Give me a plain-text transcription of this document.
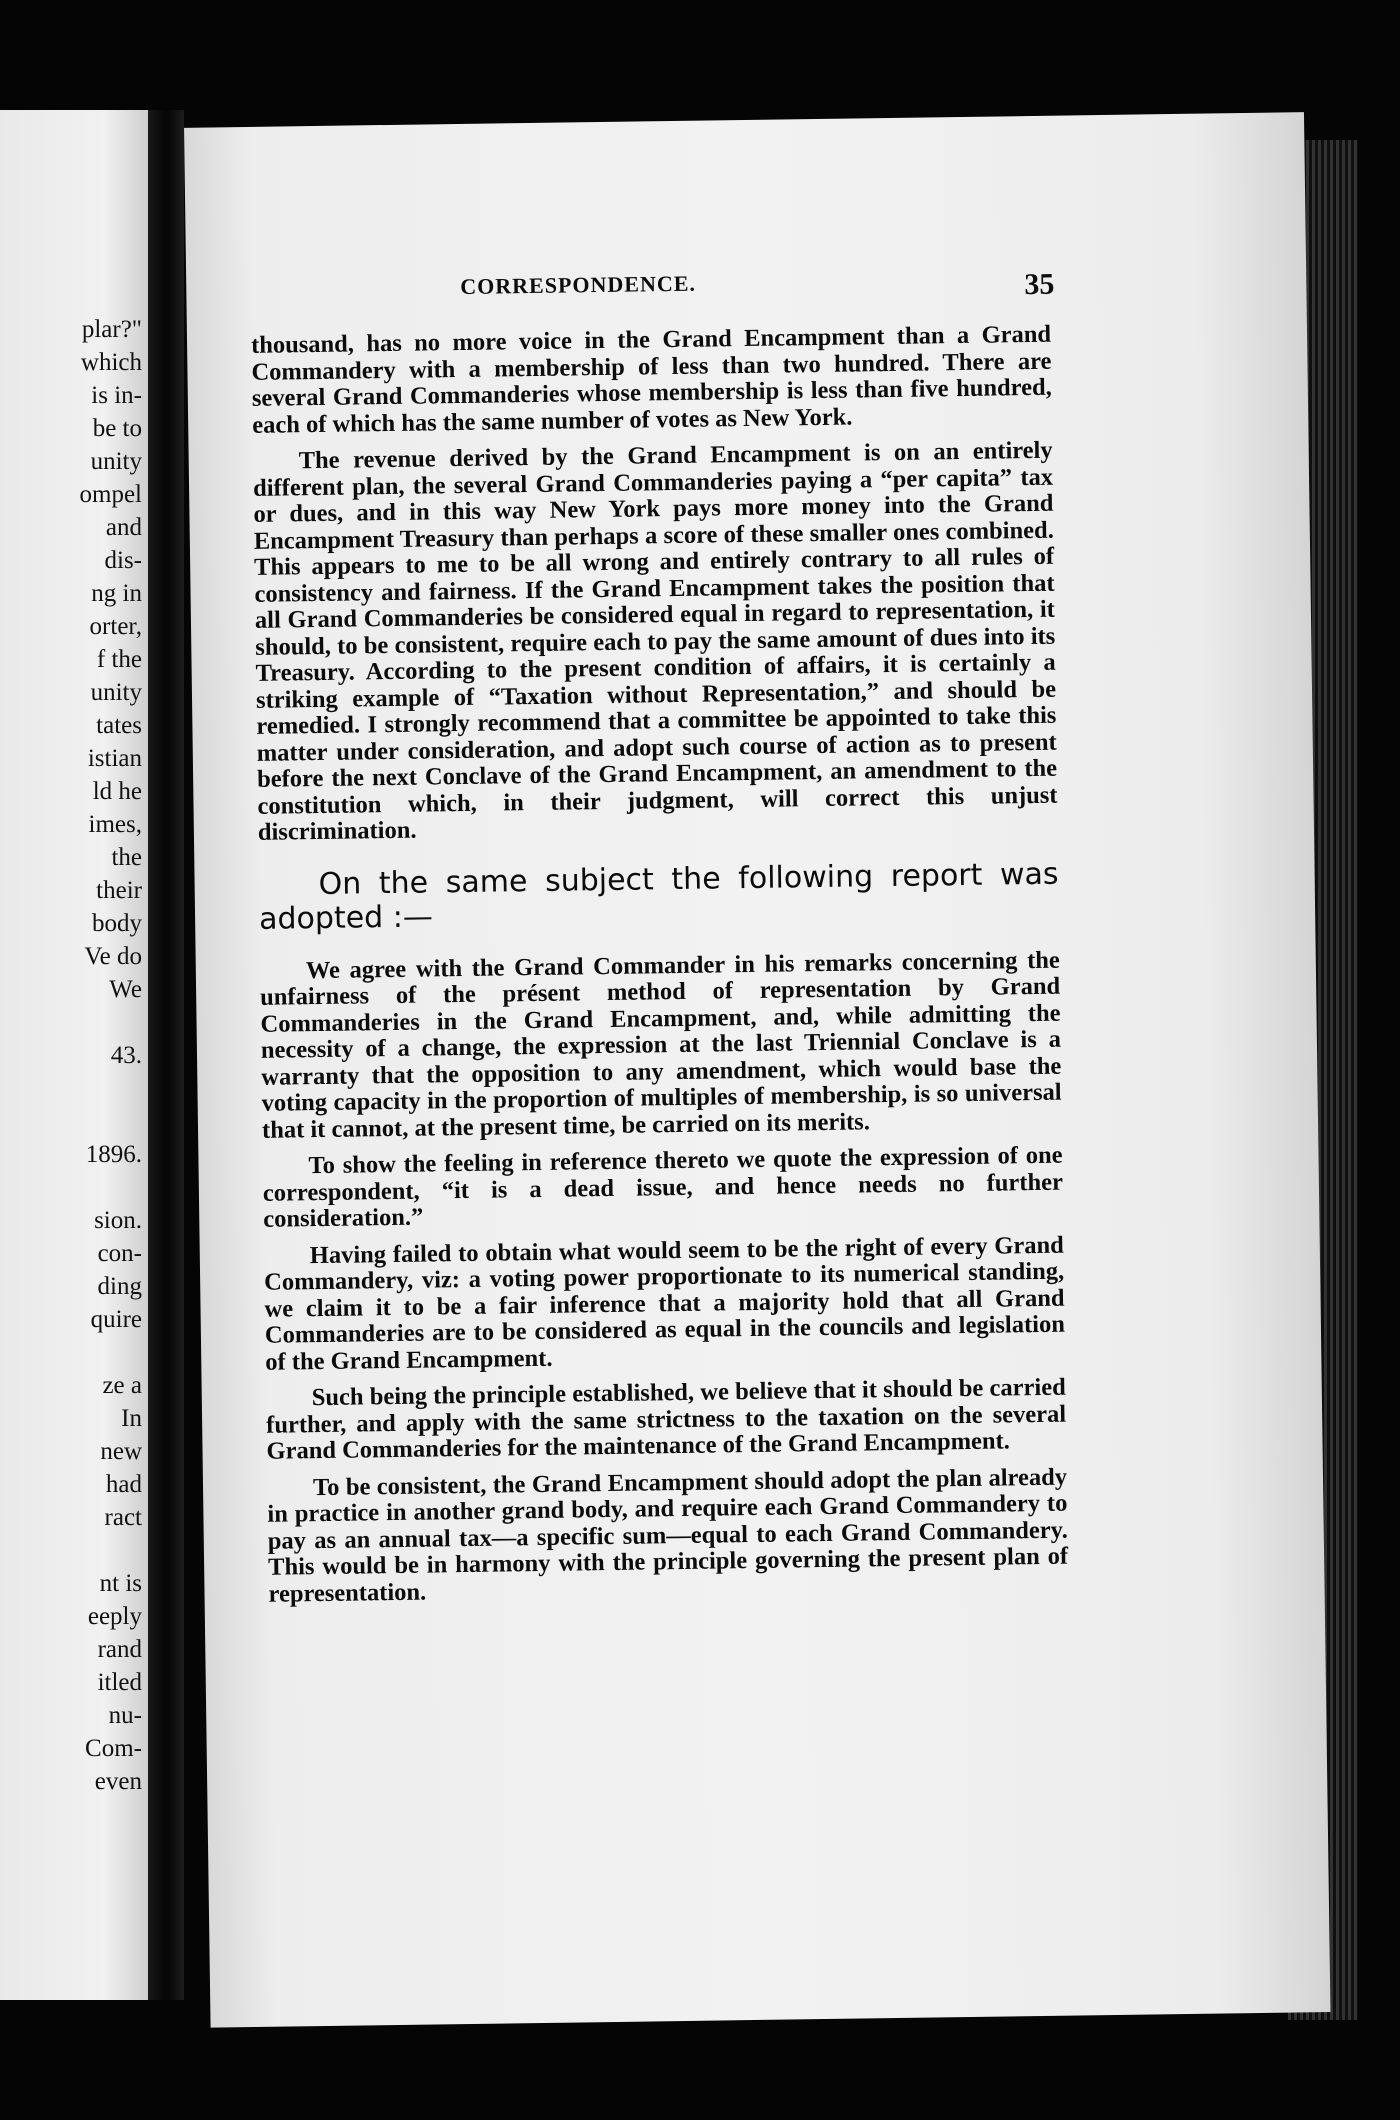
plar?"
which
is in-
be to
unity
ompel
and
dis-
ng in
orter,
f the
unity
tates
istian
ld he
imes,
the
their
body
Ve do
We
43.
1896.
sion.
con-
ding
quire
ze a
In
new
had
ract
nt is
eeply
rand
itled
nu-
Com-
even
CORRESPONDENCE.	35

thousand, has no more voice in the Grand Encampment than a Grand Commandery with a membership of less than two hundred. There are several Grand Commanderies whose membership is less than five hundred, each of which has the same number of votes as New York.

The revenue derived by the Grand Encampment is on an entirely different plan, the several Grand Commanderies paying a “per capita” tax or dues, and in this way New York pays more money into the Grand Encampment Treasury than perhaps a score of these smaller ones combined. This appears to me to be all wrong and entirely contrary to all rules of consistency and fairness. If the Grand Encampment takes the position that all Grand Commanderies be considered equal in regard to representation, it should, to be consistent, require each to pay the same amount of dues into its Treasury. According to the present condition of affairs, it is certainly a striking example of “Taxation without Representation,” and should be remedied. I strongly recommend that a committee be appointed to take this matter under consideration, and adopt such course of action as to present before the next Conclave of the Grand Encampment, an amendment to the constitution which, in their judgment, will correct this unjust discrimination.

On the same subject the following report was adopted :—

We agree with the Grand Commander in his remarks concerning the unfairness of the présent method of representation by Grand Commanderies in the Grand Encampment, and, while admitting the necessity of a change, the expression at the last Triennial Conclave is a warranty that the opposition to any amendment, which would base the voting capacity in the proportion of multiples of membership, is so universal that it cannot, at the present time, be carried on its merits.

To show the feeling in reference thereto we quote the expression of one correspondent, “it is a dead issue, and hence needs no further consideration.”

Having failed to obtain what would seem to be the right of every Grand Commandery, viz: a voting power proportionate to its numerical standing, we claim it to be a fair inference that a majority hold that all Grand Commanderies are to be considered as equal in the councils and legislation of the Grand Encampment.

Such being the principle established, we believe that it should be carried further, and apply with the same strictness to the taxation on the several Grand Commanderies for the maintenance of the Grand Encampment.

To be consistent, the Grand Encampment should adopt the plan already in practice in another grand body, and require each Grand Commandery to pay as an annual tax—a specific sum—equal to each Grand Commandery. This would be in harmony with the principle governing the present plan of representation.
